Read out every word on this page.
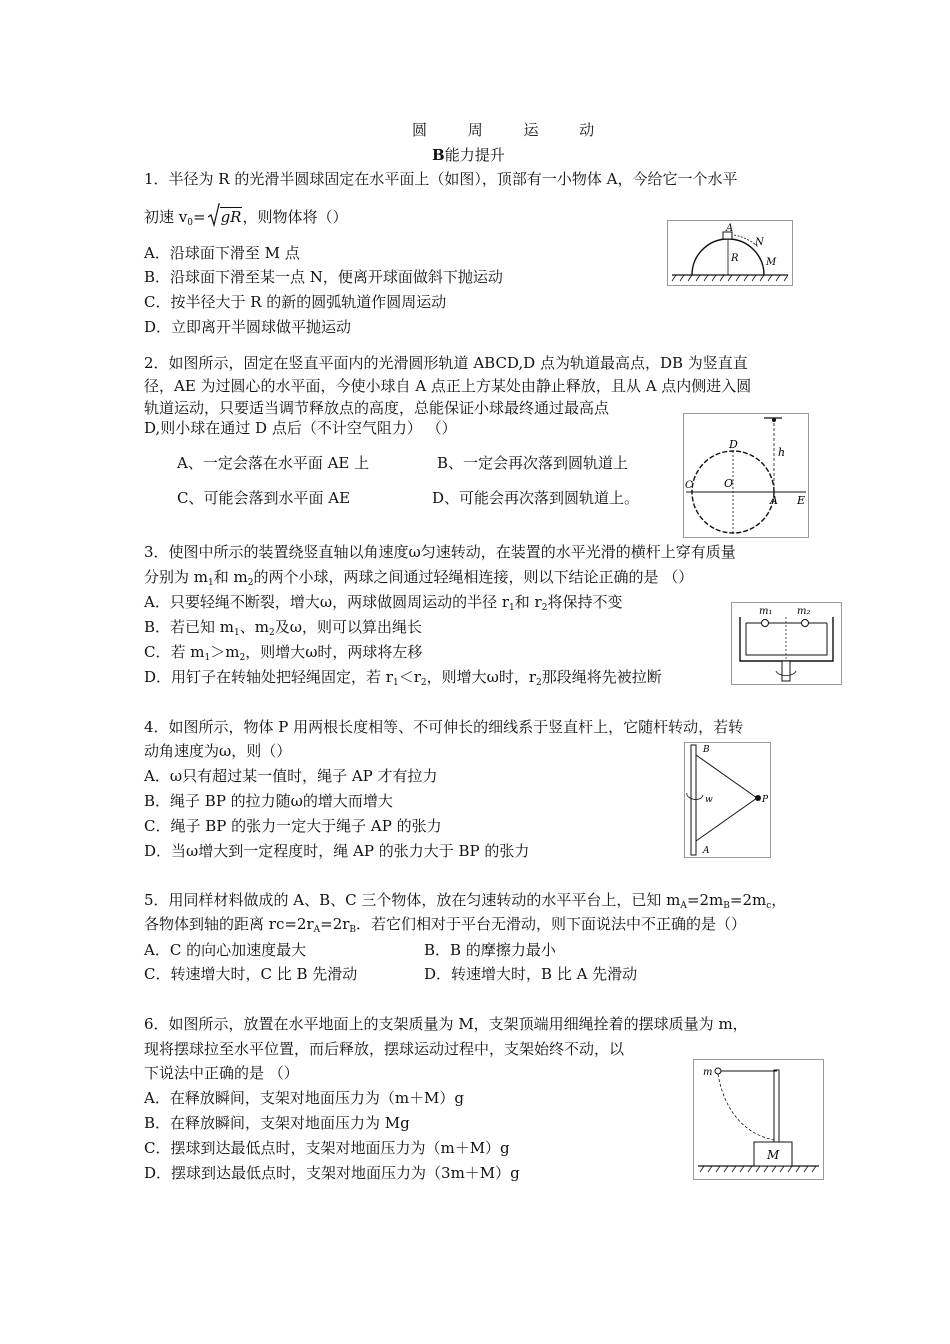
圆 周 运 动
B能力提升
1．半径为 R 的光滑半圆球固定在水平面上（如图），顶部有一小物体 A，今给它一个水平
初速 $v_0=$ gR，则物体将（）
A．沿球面下滑至 M 点
B．沿球面下滑至某一点 N，便离开球面做斜下抛运动
C．按半径大于 R 的新的圆弧轨道作圆周运动
D．立即离开半圆球做平抛运动
A
N
R	M
2．如图所示，固定在竖直平面内的光滑圆形轨道 ABCD,D 点为轨道最高点，DB 为竖直直
径，AE 为过圆心的水平面，今使小球自 A 点正上方某处由静止释放，且从 A 点内侧进入圆
轨道运动，只要适当调节释放点的高度，总能保证小球最终通过最高点
D,则小球在通过 D 点后（不计空气阻力） （）
A、一定会落在水平面 AE 上	B、一定会再次落到圆轨道上
C、可能会落到水平面 AE	D、可能会再次落到圆轨道上。
h
D
C	O
A E
3．使图中所示的装置绕竖直轴以角速度ω匀速转动，在装置的水平光滑的横杆上穿有质量
分别为 $m_1$和 $m_2$的两个小球，两球之间通过轻绳相连接，则以下结论正确的是 （）
A．只要轻绳不断裂，增大ω，两球做圆周运动的半径 $r_1$和 $r_2$将保持不变
B．若已知 $m_1$、$m_2$及ω，则可以算出绳长
C．若 $m_1>m_2$，则增大ω时，两球将左移
D．用钉子在转轴处把轻绳固定，若 $r_1<r_2$，则增大ω时，$r_2$那段绳将先被拉断
m₁ m₂
4．如图所示，物体 P 用两根长度相等、不可伸长的细线系于竖直杆上，它随杆转动，若转
动角速度为ω，则（）
A．ω只有超过某一值时，绳子 AP 才有拉力
B．绳子 BP 的拉力随ω的增大而增大
C．绳子 BP 的张力一定大于绳子 AP 的张力
D．当ω增大到一定程度时，绳 AP 的张力大于 BP 的张力
B
A
P
w
5．用同样材料做成的 A、B、C 三个物体，放在匀速转动的水平平台上，已知 $m_A=2m_B=2m_c$，
各物体到轴的距离 $rc=2r_A=2r_B$．若它们相对于平台无滑动，则下面说法中不正确的是（）
A．C 的向心加速度最大	B．B 的摩擦力最小
C．转速增大时，C 比 B 先滑动	D．转速增大时，B 比 A 先滑动
6．如图所示，放置在水平地面上的支架质量为 M，支架顶端用细绳拴着的摆球质量为 m，
现将摆球拉至水平位置，而后释放，摆球运动过程中，支架始终不动，以
下说法中正确的是 （）
A．在释放瞬间，支架对地面压力为（m＋M）g
B．在释放瞬间，支架对地面压力为 Mg
C．摆球到达最低点时，支架对地面压力为（m＋M）g
D．摆球到达最低点时，支架对地面压力为（3m＋M）g
m
M
